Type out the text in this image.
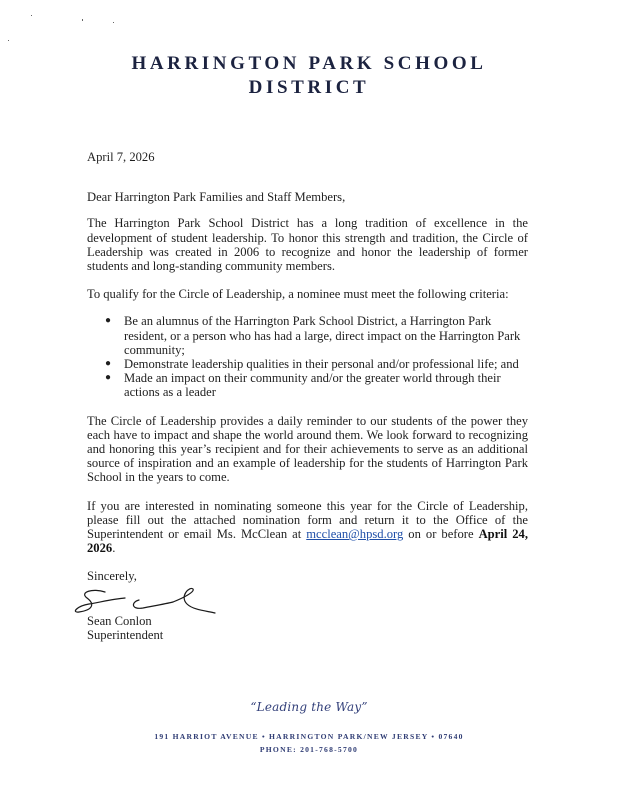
HARRINGTON PARK SCHOOL
DISTRICT

April 7, 2026

Dear Harrington Park Families and Staff Members,

The Harrington Park School District has a long tradition of excellence in the development of student leadership. To honor this strength and tradition, the Circle of Leadership was created in 2006 to recognize and honor the leadership of former students and long-standing community members.

To qualify for the Circle of Leadership, a nominee must meet the following criteria:

● Be an alumnus of the Harrington Park School District, a Harrington Park resident, or a person who has had a large, direct impact on the Harrington Park community;
● Demonstrate leadership qualities in their personal and/or professional life; and
● Made an impact on their community and/or the greater world through their actions as a leader

The Circle of Leadership provides a daily reminder to our students of the power they each have to impact and shape the world around them. We look forward to recognizing and honoring this year’s recipient and for their achievements to serve as an additional source of inspiration and an example of leadership for the students of Harrington Park School in the years to come.

If you are interested in nominating someone this year for the Circle of Leadership, please fill out the attached nomination form and return it to the Office of the Superintendent or email Ms. McClean at mcclean@hpsd.org on or before April 24, 2026.

Sincerely,

Sean Conlon

Superintendent

“Leading the Way”
191 HARRIOT AVENUE • HARRINGTON PARK/NEW JERSEY • 07640
PHONE: 201-768-5700
